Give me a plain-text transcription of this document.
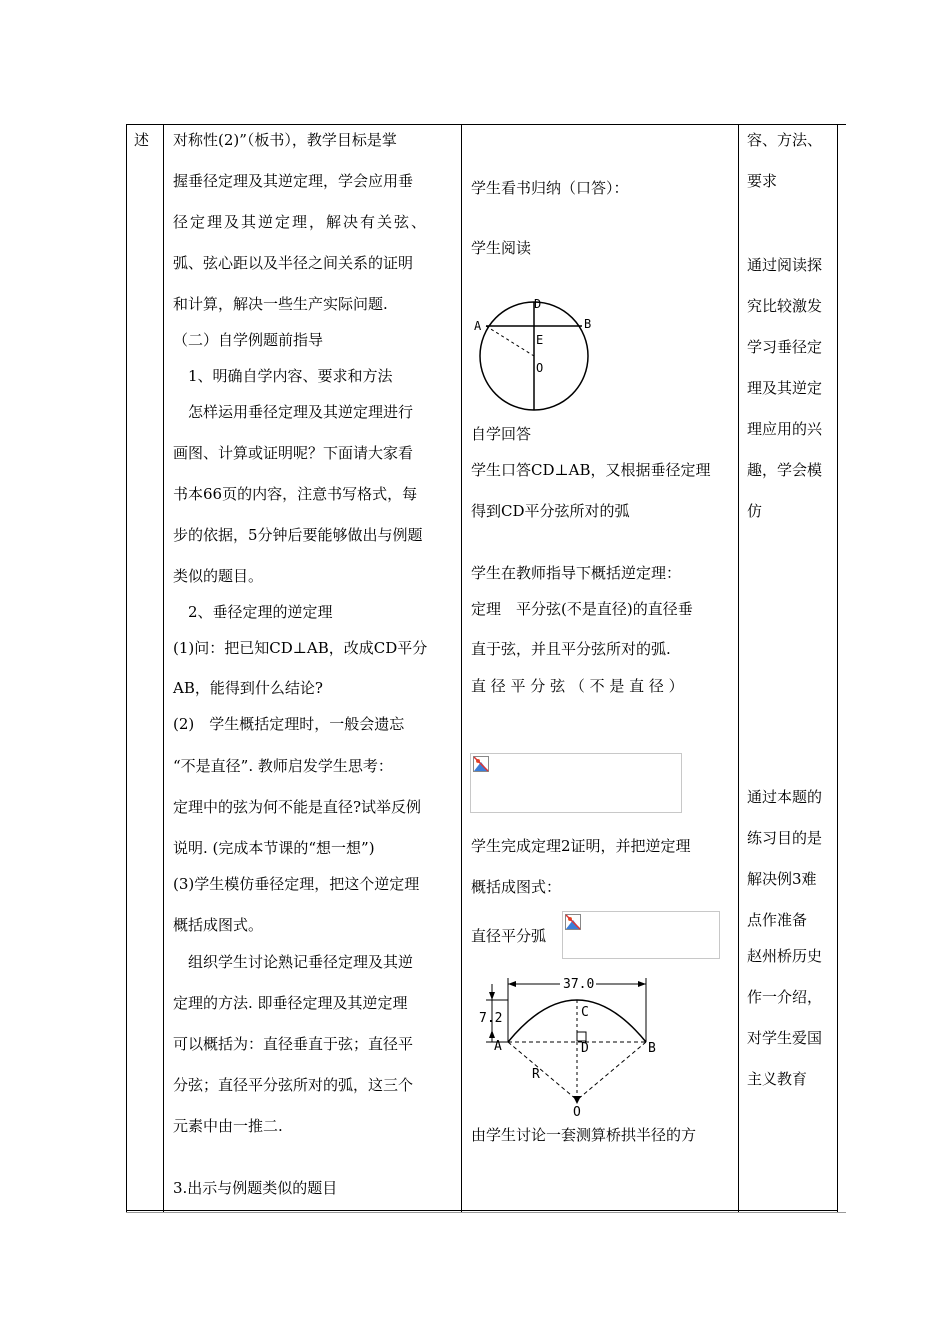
述 对称性(2)”（板书），教学目标是掌
握垂径定理及其逆定理，学会应用垂
径定理及其逆定理，解决有关弦、
弧、弦心距以及半径之间关系的证明
和计算，解决一些生产实际问题.
（二）自学例题前指导
　1、明确自学内容、要求和方法
　怎样运用垂径定理及其逆定理进行
画图、计算或证明呢？下面请大家看
书本66页的内容，注意书写格式，每
步的依据，5分钟后要能够做出与例题
类似的题目。
　2、垂径定理的逆定理
(1)问：把已知CD⊥AB，改成CD平分
AB，能得到什么结论?
(2)　学生概括定理时，一般会遗忘
“不是直径”. 教师启发学生思考：
定理中的弦为何不能是直径?试举反例
说明. (完成本节课的“想一想”)
(3)学生模仿垂径定理，把这个逆定理
概括成图式。
　组织学生讨论熟记垂径定理及其逆
定理的方法. 即垂径定理及其逆定理
可以概括为：直径垂直于弦；直径平
分弦；直径平分弦所对的弧，这三个
元素中由一推二.
3.出示与例题类似的题目
学生看书归纳（口答）：
学生阅读
A	B
D
E
O
自学回答
学生口答CD⊥AB，又根据垂径定理
得到CD平分弦所对的弧
学生在教师指导下概括逆定理：
定理　平分弦(不是直径)的直径垂
直于弦，并且平分弦所对的弧.
直 径 平 分 弦 （ 不 是 直 径 ）
学生完成定理2证明，并把逆定理
概括成图式：
直径平分弧
37.0
7.2
A	B
C
D
R
O
由学生讨论一套测算桥拱半径的方
容、方法、
要求
通过阅读探
究比较激发
学习垂径定
理及其逆定
理应用的兴
趣，学会模
仿
通过本题的
练习目的是
解决例3难
点作准备
赵州桥历史
作一介绍，
对学生爱国
主义教育
